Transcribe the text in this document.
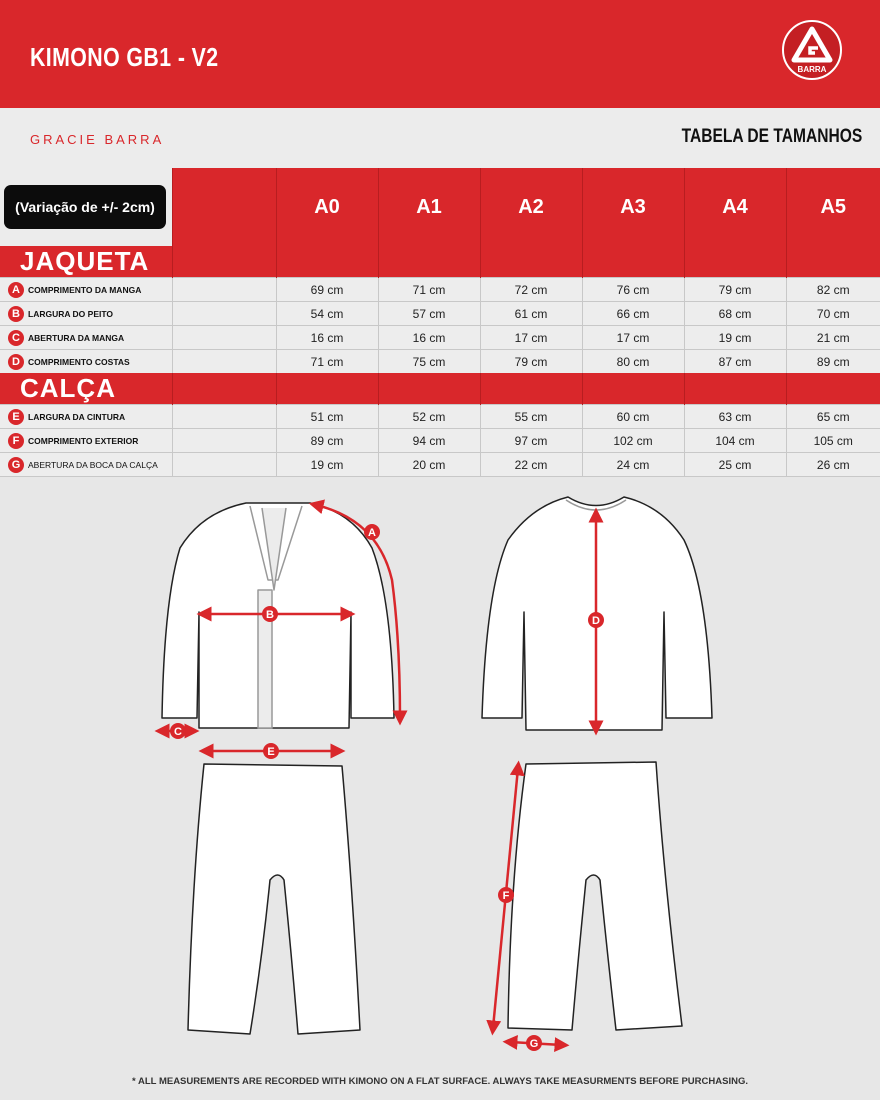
KIMONO GB1 - V2	BARRA
GRACIE BARRA	TABELA DE TAMANHOS
(Variação de +/- 2cm)		A0	A1	A2	A3	A4	A5
JAQUETA							
A COMPRIMENTO DA MANGA		69 cm	71 cm	72 cm	76 cm	79 cm	82 cm
B LARGURA DO PEITO		54 cm	57 cm	61 cm	66 cm	68 cm	70 cm
C ABERTURA DA MANGA		16 cm	16 cm	17 cm	17 cm	19 cm	21 cm
D COMPRIMENTO COSTAS		71 cm	75 cm	79 cm	80 cm	87 cm	89 cm
CALÇA							
E LARGURA DA CINTURA		51 cm	52 cm	55 cm	60 cm	63 cm	65 cm
F COMPRIMENTO EXTERIOR		89 cm	94 cm	97 cm	102 cm	104 cm	105 cm
G ABERTURA DA BOCA DA CALÇA		19 cm	20 cm	22 cm	24 cm	25 cm	26 cm
A
B
C
D
E
F
G
* ALL MEASUREMENTS ARE RECORDED WITH KIMONO ON A FLAT SURFACE. ALWAYS TAKE MEASURMENTS BEFORE PURCHASING.
